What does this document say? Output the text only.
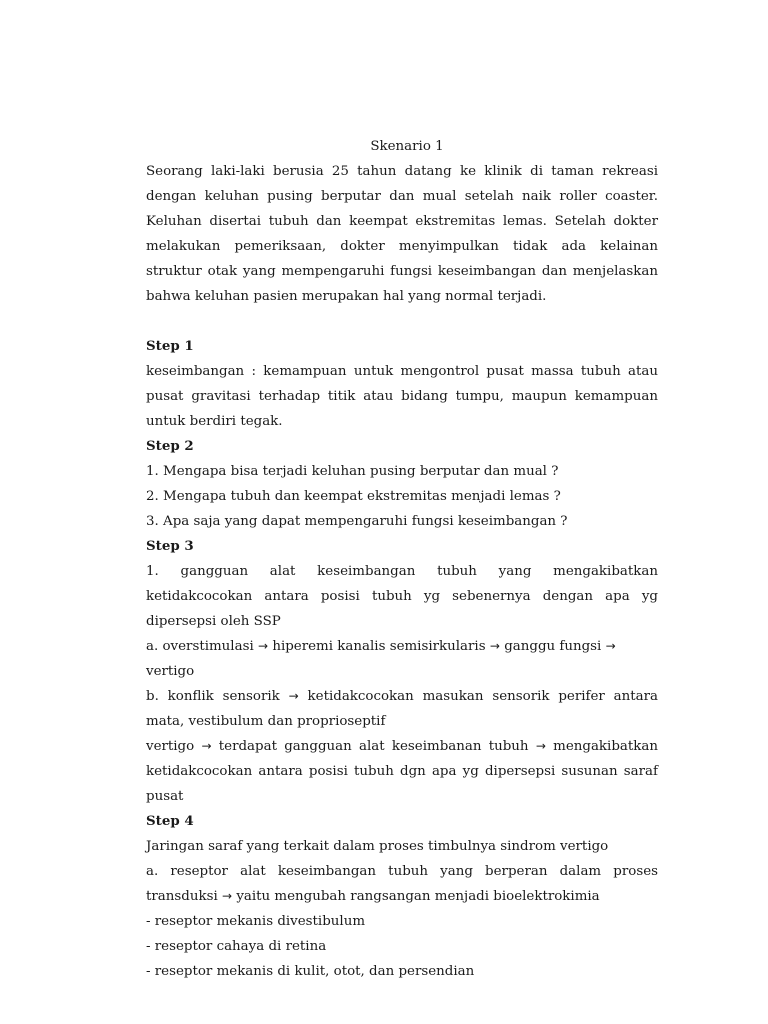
Skenario 1
Seorang laki-laki berusia 25 tahun datang ke klinik di taman rekreasi dengan keluhan pusing berputar dan mual setelah naik roller coaster. Keluhan disertai tubuh dan keempat ekstremitas lemas. Setelah dokter melakukan pemeriksaan, dokter menyimpulkan tidak ada kelainan struktur otak yang mempengaruhi fungsi keseimbangan dan menjelaskan bahwa keluhan pasien merupakan hal yang normal terjadi.
Step 1
keseimbangan : kemampuan untuk mengontrol pusat massa tubuh atau pusat gravitasi terhadap titik atau bidang tumpu, maupun kemampuan untuk berdiri tegak.
Step 2
1. Mengapa bisa terjadi keluhan pusing berputar dan mual ?
2. Mengapa tubuh dan keempat ekstremitas menjadi lemas ?
3. Apa saja yang dapat mempengaruhi fungsi keseimbangan ?
Step 3
1. gangguan alat keseimbangan tubuh yang mengakibatkan ketidakcocokan antara posisi tubuh yg sebenernya dengan apa yg dipersepsi oleh SSP
a. overstimulasi → hiperemi kanalis semisirkularis → ganggu fungsi → vertigo
b. konflik sensorik → ketidakcocokan masukan sensorik perifer antara mata, vestibulum dan proprioseptif
vertigo → terdapat gangguan alat keseimbanan tubuh → mengakibatkan ketidakcocokan antara posisi tubuh dgn apa yg dipersepsi susunan saraf pusat
Step 4
Jaringan saraf yang terkait dalam proses timbulnya sindrom vertigo
a. reseptor alat keseimbangan tubuh yang berperan dalam proses transduksi → yaitu mengubah rangsangan menjadi bioelektrokimia
- reseptor mekanis divestibulum
- reseptor cahaya di retina
- reseptor mekanis di kulit, otot, dan persendian
